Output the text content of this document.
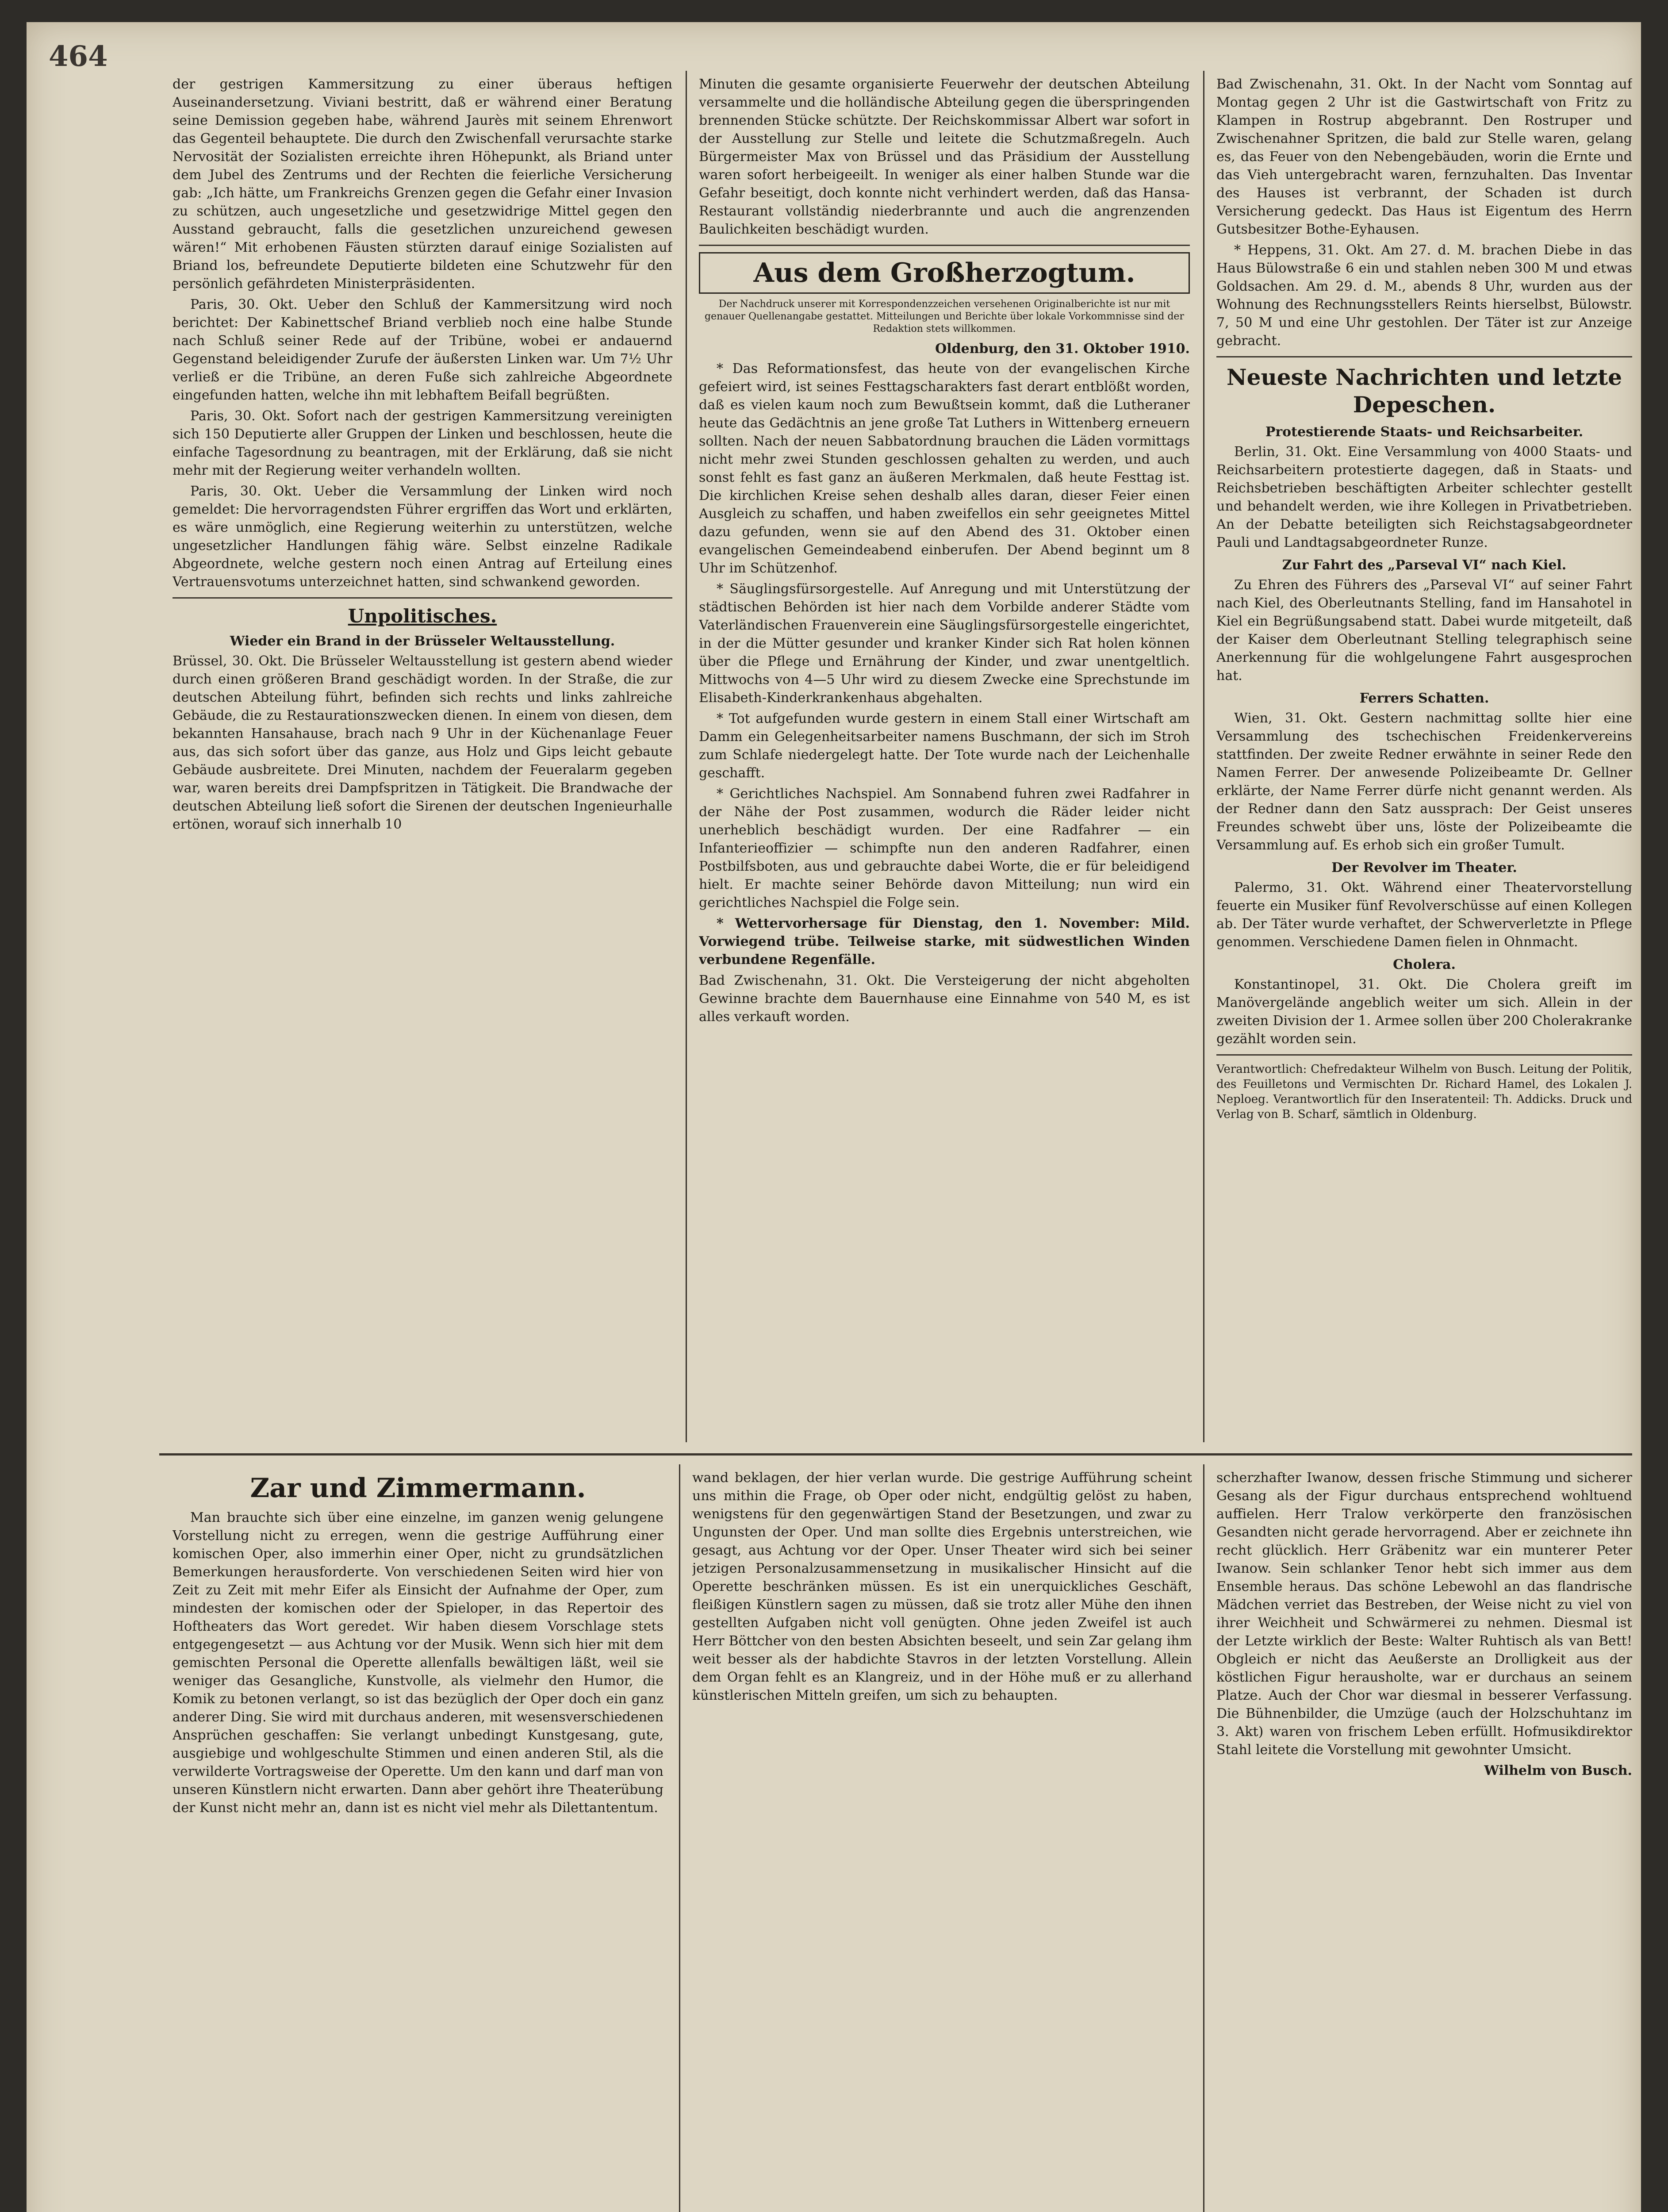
464

der gestrigen Kammersitzung zu einer überaus heftigen Auseinandersetzung. Viviani bestritt, daß er während einer Beratung seine Demission gegeben habe, während Jaurès mit seinem Ehrenwort das Gegenteil behauptete. Die durch den Zwischenfall verursachte starke Nervosität der Sozialisten erreichte ihren Höhepunkt, als Briand unter dem Jubel des Zentrums und der Rechten die feierliche Versicherung gab: „Ich hätte, um Frankreichs Grenzen gegen die Gefahr einer Invasion zu schützen, auch ungesetzliche und gesetzwidrige Mittel gegen den Ausstand gebraucht, falls die gesetzlichen unzureichend gewesen wären!“ Mit erhobenen Fäusten stürzten darauf einige Sozialisten auf Briand los, befreundete Deputierte bildeten eine Schutzwehr für den persönlich gefährdeten Ministerpräsidenten.

Paris, 30. Okt. Ueber den Schluß der Kammersitzung wird noch berichtet: Der Kabinettschef Briand verblieb noch eine halbe Stunde nach Schluß seiner Rede auf der Tribüne, wobei er andauernd Gegenstand beleidigender Zurufe der äußersten Linken war. Um 7½ Uhr verließ er die Tribüne, an deren Fuße sich zahlreiche Abgeordnete eingefunden hatten, welche ihn mit lebhaftem Beifall begrüßten.

Paris, 30. Okt. Sofort nach der gestrigen Kammersitzung vereinigten sich 150 Deputierte aller Gruppen der Linken und beschlossen, heute die einfache Tagesordnung zu beantragen, mit der Erklärung, daß sie nicht mehr mit der Regierung weiter verhandeln wollten.

Paris, 30. Okt. Ueber die Versammlung der Linken wird noch gemeldet: Die hervorragendsten Führer ergriffen das Wort und erklärten, es wäre unmöglich, eine Regierung weiterhin zu unterstützen, welche ungesetzlicher Handlungen fähig wäre. Selbst einzelne Radikale Abgeordnete, welche gestern noch einen Antrag auf Erteilung eines Vertrauensvotums unterzeichnet hatten, sind schwankend geworden.

Unpolitisches.
Wieder ein Brand in der Brüsseler Weltausstellung.

Brüssel, 30. Okt. Die Brüsseler Weltausstellung ist gestern abend wieder durch einen größeren Brand geschädigt worden. In der Straße, die zur deutschen Abteilung führt, befinden sich rechts und links zahlreiche Gebäude, die zu Restaurationszwecken dienen. In einem von diesen, dem bekannten Hansahause, brach nach 9 Uhr in der Küchenanlage Feuer aus, das sich sofort über das ganze, aus Holz und Gips leicht gebaute Gebäude ausbreitete. Drei Minuten, nachdem der Feueralarm gegeben war, waren bereits drei Dampfspritzen in Tätigkeit. Die Brandwache der deutschen Abteilung ließ sofort die Sirenen der deutschen Ingenieurhalle ertönen, worauf sich innerhalb 10

Minuten die gesamte organisierte Feuerwehr der deutschen Abteilung versammelte und die holländische Abteilung gegen die überspringenden brennenden Stücke schützte. Der Reichskommissar Albert war sofort in der Ausstellung zur Stelle und leitete die Schutzmaßregeln. Auch Bürgermeister Max von Brüssel und das Präsidium der Ausstellung waren sofort herbeigeeilt. In weniger als einer halben Stunde war die Gefahr beseitigt, doch konnte nicht verhindert werden, daß das Hansa-Restaurant vollständig niederbrannte und auch die angrenzenden Baulichkeiten beschädigt wurden.

Aus dem Großherzogtum.
Der Nachdruck unserer mit Korrespondenzzeichen versehenen Originalberichte ist nur mit genauer Quellenangabe gestattet. Mitteilungen und Berichte über lokale Vorkommnisse sind der Redaktion stets willkommen.
Oldenburg, den 31. Oktober 1910.

* Das Reformationsfest, das heute von der evangelischen Kirche gefeiert wird, ist seines Festtagscharakters fast derart entblößt worden, daß es vielen kaum noch zum Bewußtsein kommt, daß die Lutheraner heute das Gedächtnis an jene große Tat Luthers in Wittenberg erneuern sollten. Nach der neuen Sabbatordnung brauchen die Läden vormittags nicht mehr zwei Stunden geschlossen gehalten zu werden, und auch sonst fehlt es fast ganz an äußeren Merkmalen, daß heute Festtag ist. Die kirchlichen Kreise sehen deshalb alles daran, dieser Feier einen Ausgleich zu schaffen, und haben zweifellos ein sehr geeignetes Mittel dazu gefunden, wenn sie auf den Abend des 31. Oktober einen evangelischen Gemeindeabend einberufen. Der Abend beginnt um 8 Uhr im Schützenhof.

* Säuglingsfürsorgestelle. Auf Anregung und mit Unterstützung der städtischen Behörden ist hier nach dem Vorbilde anderer Städte vom Vaterländischen Frauenverein eine Säuglingsfürsorgestelle eingerichtet, in der die Mütter gesunder und kranker Kinder sich Rat holen können über die Pflege und Ernährung der Kinder, und zwar unentgeltlich. Mittwochs von 4—5 Uhr wird zu diesem Zwecke eine Sprechstunde im Elisabeth-Kinderkrankenhaus abgehalten.

* Tot aufgefunden wurde gestern in einem Stall einer Wirtschaft am Damm ein Gelegenheitsarbeiter namens Buschmann, der sich im Stroh zum Schlafe niedergelegt hatte. Der Tote wurde nach der Leichenhalle geschafft.

* Gerichtliches Nachspiel. Am Sonnabend fuhren zwei Radfahrer in der Nähe der Post zusammen, wodurch die Räder leider nicht unerheblich beschädigt wurden. Der eine Radfahrer — ein Infanterieoffizier — schimpfte nun den anderen Radfahrer, einen Postbilfsboten, aus und gebrauchte dabei Worte, die er für beleidigend hielt. Er machte seiner Behörde davon Mitteilung; nun wird ein gerichtliches Nachspiel die Folge sein.

* Wettervorhersage für Dienstag, den 1. November: Mild. Vorwiegend trübe. Teilweise starke, mit südwestlichen Winden verbundene Regenfälle.

Bad Zwischenahn, 31. Okt. Die Versteigerung der nicht abgeholten Gewinne brachte dem Bauernhause eine Einnahme von 540 M, es ist alles verkauft worden.

Bad Zwischenahn, 31. Okt. In der Nacht vom Sonntag auf Montag gegen 2 Uhr ist die Gastwirtschaft von Fritz zu Klampen in Rostrup abgebrannt. Den Rostruper und Zwischenahner Spritzen, die bald zur Stelle waren, gelang es, das Feuer von den Nebengebäuden, worin die Ernte und das Vieh untergebracht waren, fernzuhalten. Das Inventar des Hauses ist verbrannt, der Schaden ist durch Versicherung gedeckt. Das Haus ist Eigentum des Herrn Gutsbesitzer Bothe-Eyhausen.

* Heppens, 31. Okt. Am 27. d. M. brachen Diebe in das Haus Bülowstraße 6 ein und stahlen neben 300 M und etwas Goldsachen. Am 29. d. M., abends 8 Uhr, wurden aus der Wohnung des Rechnungsstellers Reints hierselbst, Bülowstr. 7, 50 M und eine Uhr gestohlen. Der Täter ist zur Anzeige gebracht.

Neueste Nachrichten und letzte Depeschen.
Protestierende Staats- und Reichsarbeiter.

Berlin, 31. Okt. Eine Versammlung von 4000 Staats- und Reichsarbeitern protestierte dagegen, daß in Staats- und Reichsbetrieben beschäftigten Arbeiter schlechter gestellt und behandelt werden, wie ihre Kollegen in Privatbetrieben. An der Debatte beteiligten sich Reichstagsabgeordneter Pauli und Landtagsabgeordneter Runze.

Zur Fahrt des „Parseval VI“ nach Kiel.

Zu Ehren des Führers des „Parseval VI“ auf seiner Fahrt nach Kiel, des Oberleutnants Stelling, fand im Hansahotel in Kiel ein Begrüßungsabend statt. Dabei wurde mitgeteilt, daß der Kaiser dem Oberleutnant Stelling telegraphisch seine Anerkennung für die wohlgelungene Fahrt ausgesprochen hat.

Ferrers Schatten.

Wien, 31. Okt. Gestern nachmittag sollte hier eine Versammlung des tschechischen Freidenkervereins stattfinden. Der zweite Redner erwähnte in seiner Rede den Namen Ferrer. Der anwesende Polizeibeamte Dr. Gellner erklärte, der Name Ferrer dürfe nicht genannt werden. Als der Redner dann den Satz aussprach: Der Geist unseres Freundes schwebt über uns, löste der Polizeibeamte die Versammlung auf. Es erhob sich ein großer Tumult.

Der Revolver im Theater.

Palermo, 31. Okt. Während einer Theatervorstellung feuerte ein Musiker fünf Revolverschüsse auf einen Kollegen ab. Der Täter wurde verhaftet, der Schwerverletzte in Pflege genommen. Verschiedene Damen fielen in Ohnmacht.

Cholera.

Konstantinopel, 31. Okt. Die Cholera greift im Manövergelände angeblich weiter um sich. Allein in der zweiten Division der 1. Armee sollen über 200 Cholerakranke gezählt worden sein.

Verantwortlich: Chefredakteur Wilhelm von Busch. Leitung der Politik, des Feuilletons und Vermischten Dr. Richard Hamel, des Lokalen J. Neploeg. Verantwortlich für den Inseratenteil: Th. Addicks. Druck und Verlag von B. Scharf, sämtlich in Oldenburg.

Zar und Zimmermann.

Man brauchte sich über eine einzelne, im ganzen wenig gelungene Vorstellung nicht zu erregen, wenn die gestrige Aufführung einer komischen Oper, also immerhin einer Oper, nicht zu grundsätzlichen Bemerkungen herausforderte. Von verschiedenen Seiten wird hier von Zeit zu Zeit mit mehr Eifer als Einsicht der Aufnahme der Oper, zum mindesten der komischen oder der Spieloper, in das Repertoir des Hoftheaters das Wort geredet. Wir haben diesem Vorschlage stets entgegengesetzt — aus Achtung vor der Musik. Wenn sich hier mit dem gemischten Personal die Operette allenfalls bewältigen läßt, weil sie weniger das Gesangliche, Kunstvolle, als vielmehr den Humor, die Komik zu betonen verlangt, so ist das bezüglich der Oper doch ein ganz anderer Ding. Sie wird mit durchaus anderen, mit wesensverschiedenen Ansprüchen geschaffen: Sie verlangt unbedingt Kunstgesang, gute, ausgiebige und wohlgeschulte Stimmen und einen anderen Stil, als die verwilderte Vortragsweise der Operette. Um den kann und darf man von unseren Künstlern nicht erwarten. Dann aber gehört ihre Theaterübung der Kunst nicht mehr an, dann ist es nicht viel mehr als Dilettantentum.

wand beklagen, der hier verlan wurde. Die gestrige Aufführung scheint uns mithin die Frage, ob Oper oder nicht, endgültig gelöst zu haben, wenigstens für den gegenwärtigen Stand der Besetzungen, und zwar zu Ungunsten der Oper. Und man sollte dies Ergebnis unterstreichen, wie gesagt, aus Achtung vor der Oper. Unser Theater wird sich bei seiner jetzigen Personalzusammensetzung in musikalischer Hinsicht auf die Operette beschränken müssen. Es ist ein unerquickliches Geschäft, fleißigen Künstlern sagen zu müssen, daß sie trotz aller Mühe den ihnen gestellten Aufgaben nicht voll genügten. Ohne jeden Zweifel ist auch Herr Böttcher von den besten Absichten beseelt, und sein Zar gelang ihm weit besser als der habdichte Stavros in der letzten Vorstellung. Allein dem Organ fehlt es an Klangreiz, und in der Höhe muß er zu allerhand künstlerischen Mitteln greifen, um sich zu behaupten.

scherzhafter Iwanow, dessen frische Stimmung und sicherer Gesang als der Figur durchaus entsprechend wohltuend auffielen. Herr Tralow verkörperte den französischen Gesandten nicht gerade hervorragend. Aber er zeichnete ihn recht glücklich. Herr Gräbenitz war ein munterer Peter Iwanow. Sein schlanker Tenor hebt sich immer aus dem Ensemble heraus. Das schöne Lebewohl an das flandrische Mädchen verriet das Bestreben, der Weise nicht zu viel von ihrer Weichheit und Schwärmerei zu nehmen. Diesmal ist der Letzte wirklich der Beste: Walter Ruhtisch als van Bett! Obgleich er nicht das Aeußerste an Drolligkeit aus der köstlichen Figur herausholte, war er durchaus an seinem Platze. Auch der Chor war diesmal in besserer Verfassung. Die Bühnenbilder, die Umzüge (auch der Holzschuhtanz im 3. Akt) waren von frischem Leben erfüllt. Hofmusikdirektor Stahl leitete die Vorstellung mit gewohnter Umsicht.

Wilhelm von Busch.
